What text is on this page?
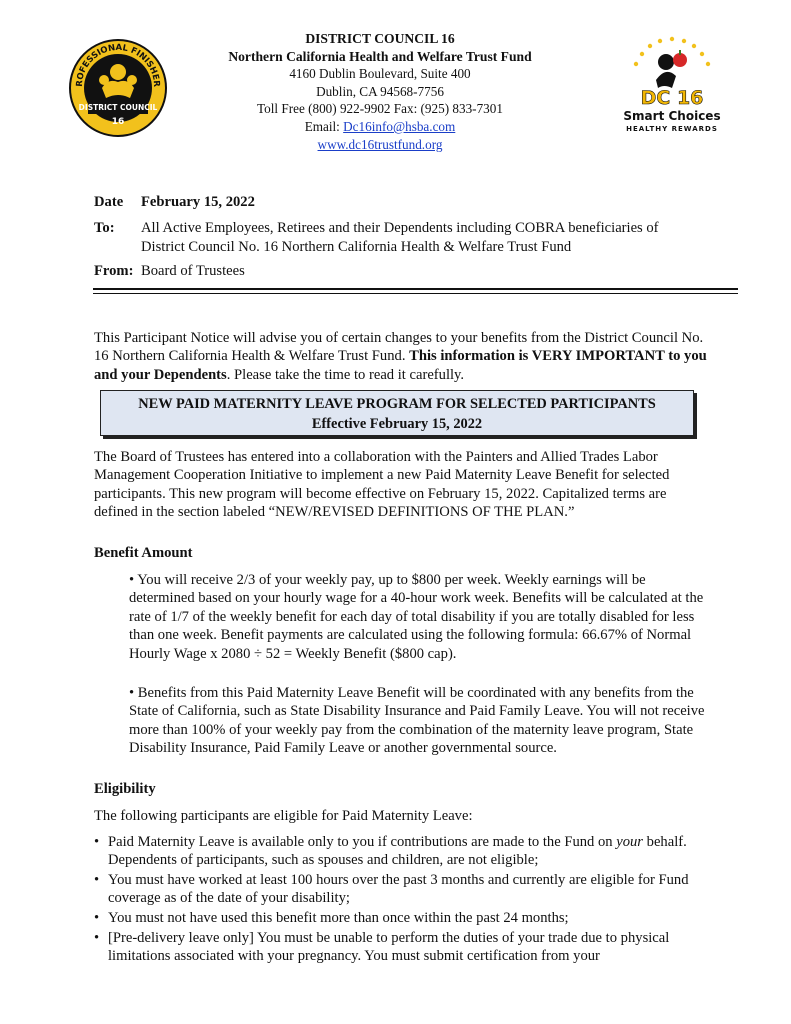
ROFESSIONAL FINISHER
DISTRICT COUNCIL
16
DISTRICT COUNCIL 16
Northern California Health and Welfare Trust Fund
4160 Dublin Boulevard, Suite 400
Dublin, CA 94568-7756
Toll Free (800) 922-9902 Fax: (925) 833-7301
Email: Dc16info@hsba.com
www.dc16trustfund.org
DC 16
Smart Choices
HEALTHY REWARDS
Date February 15, 2022
To: All Active Employees, Retirees and their Dependents including COBRA beneficiaries of
District Council No. 16 Northern California Health & Welfare Trust Fund
From: Board of Trustees
This Participant Notice will advise you of certain changes to your benefits from the District Council No. 16 Northern California Health & Welfare Trust Fund. This information is VERY IMPORTANT to you and your Dependents. Please take the time to read it carefully.
NEW PAID MATERNITY LEAVE PROGRAM FOR SELECTED PARTICIPANTS
Effective February 15, 2022
The Board of Trustees has entered into a collaboration with the Painters and Allied Trades Labor Management Cooperation Initiative to implement a new Paid Maternity Leave Benefit for selected participants. This new program will become effective on February 15, 2022. Capitalized terms are defined in the section labeled “NEW/REVISED DEFINITIONS OF THE PLAN.”
Benefit Amount
• You will receive 2/3 of your weekly pay, up to $800 per week. Weekly earnings will be determined based on your hourly wage for a 40-hour work week. Benefits will be calculated at the rate of 1/7 of the weekly benefit for each day of total disability if you are totally disabled for less than one week. Benefit payments are calculated using the following formula: 66.67% of Normal Hourly Wage x 2080 ÷ 52 = Weekly Benefit ($800 cap).
• Benefits from this Paid Maternity Leave Benefit will be coordinated with any benefits from the State of California, such as State Disability Insurance and Paid Family Leave. You will not receive more than 100% of your weekly pay from the combination of the maternity leave program, State Disability Insurance, Paid Family Leave or another governmental source.
Eligibility
The following participants are eligible for Paid Maternity Leave:
• Paid Maternity Leave is available only to you if contributions are made to the Fund on your behalf. Dependents of participants, such as spouses and children, are not eligible;
• You must have worked at least 100 hours over the past 3 months and currently are eligible for Fund coverage as of the date of your disability;
• You must not have used this benefit more than once within the past 24 months;
• [Pre-delivery leave only] You must be unable to perform the duties of your trade due to physical limitations associated with your pregnancy. You must submit certification from your
